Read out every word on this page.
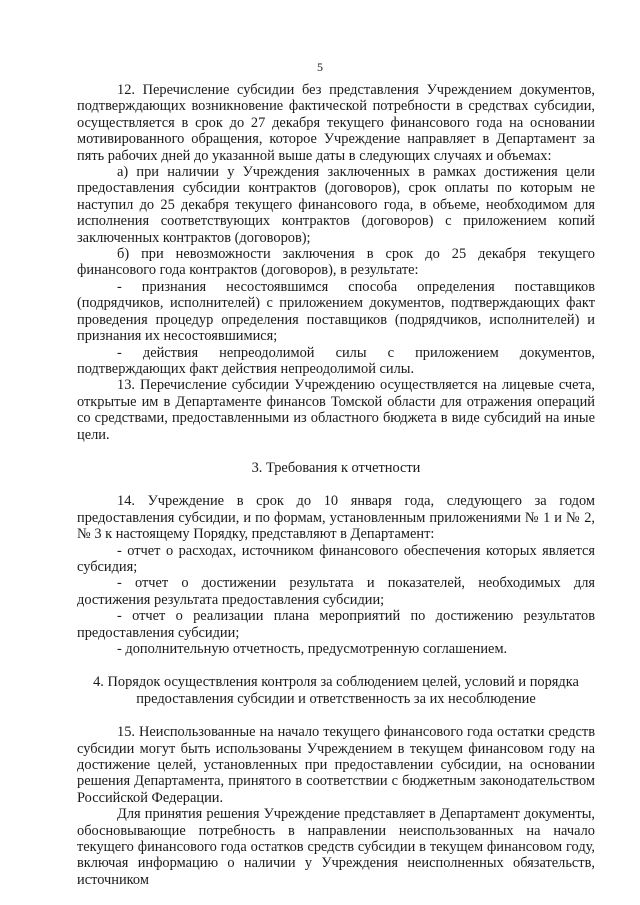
5

12. Перечисление субсидии без представления Учреждением документов, подтверждающих возникновение фактической потребности в средствах субсидии, осуществляется в срок до 27 декабря текущего финансового года на основании мотивированного обращения, которое Учреждение направляет в Департамент за пять рабочих дней до указанной выше даты в следующих случаях и объемах:

а) при наличии у Учреждения заключенных в рамках достижения цели предоставления субсидии контрактов (договоров), срок оплаты по которым не наступил до 25 декабря текущего финансового года, в объеме, необходимом для исполнения соответствующих контрактов (договоров) с приложением копий заключенных контрактов (договоров);

б) при невозможности заключения в срок до 25 декабря текущего финансового года контрактов (договоров), в результате:

- признания несостоявшимся способа определения поставщиков (подрядчиков, исполнителей) с приложением документов, подтверждающих факт проведения процедур определения поставщиков (подрядчиков, исполнителей) и признания их несостоявшимися;

- действия непреодолимой силы с приложением документов, подтверждающих факт действия непреодолимой силы.

13. Перечисление субсидии Учреждению осуществляется на лицевые счета, открытые им в Департаменте финансов Томской области для отражения операций со средствами, предоставленными из областного бюджета в виде субсидий на иные цели.

3. Требования к отчетности

14. Учреждение в срок до 10 января года, следующего за годом предоставления субсидии, и по формам, установленным приложениями № 1 и № 2, № 3 к настоящему Порядку, представляют в Департамент:

- отчет о расходах, источником финансового обеспечения которых является субсидия;

- отчет о достижении результата и показателей, необходимых для достижения результата предоставления субсидии;

- отчет о реализации плана мероприятий по достижению результатов предоставления субсидии;

- дополнительную отчетность, предусмотренную соглашением.

4. Порядок осуществления контроля за соблюдением целей, условий и порядка предоставления субсидии и ответственность за их несоблюдение

15. Неиспользованные на начало текущего финансового года остатки средств субсидии могут быть использованы Учреждением в текущем финансовом году на достижение целей, установленных при предоставлении субсидии, на основании решения Департамента, принятого в соответствии с бюджетным законодательством Российской Федерации.

Для принятия решения Учреждение представляет в Департамент документы, обосновывающие потребность в направлении неиспользованных на начало текущего финансового года остатков средств субсидии в текущем финансовом году, включая информацию о наличии у Учреждения неисполненных обязательств, источником
